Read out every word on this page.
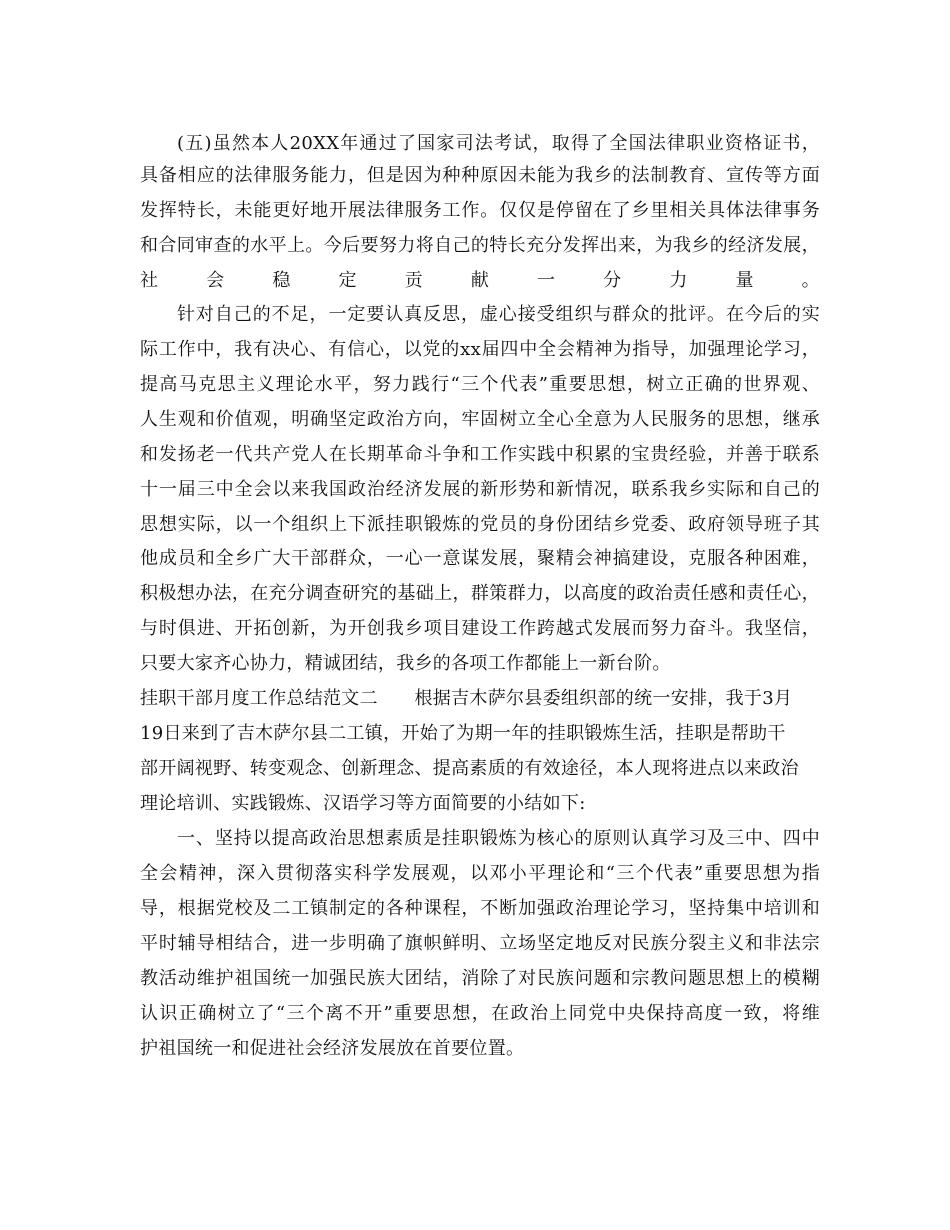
(五)虽然本人20XX年通过了国家司法考试，取得了全国法律职业资格证书，
具备相应的法律服务能力，但是因为种种原因未能为我乡的法制教育、宣传等方面
发挥特长，未能更好地开展法律服务工作。仅仅是停留在了乡里相关具体法律事务
和合同审查的水平上。今后要努力将自己的特长充分发挥出来，为我乡的经济发展，
社会稳定贡献一分力量。
针对自己的不足，一定要认真反思，虚心接受组织与群众的批评。在今后的实
际工作中，我有决心、有信心，以党的xx届四中全会精神为指导，加强理论学习，
提高马克思主义理论水平，努力践行“三个代表”重要思想，树立正确的世界观、
人生观和价值观，明确坚定政治方向，牢固树立全心全意为人民服务的思想，继承
和发扬老一代共产党人在长期革命斗争和工作实践中积累的宝贵经验，并善于联系
十一届三中全会以来我国政治经济发展的新形势和新情况，联系我乡实际和自己的
思想实际，以一个组织上下派挂职锻炼的党员的身份团结乡党委、政府领导班子其
他成员和全乡广大干部群众，一心一意谋发展，聚精会神搞建设，克服各种困难，
积极想办法，在充分调查研究的基础上，群策群力，以高度的政治责任感和责任心，
与时俱进、开拓创新，为开创我乡项目建设工作跨越式发展而努力奋斗。我坚信，
只要大家齐心协力，精诚团结，我乡的各项工作都能上一新台阶。
挂职干部月度工作总结范文二　　根据吉木萨尔县委组织部的统一安排，我于3月
19日来到了吉木萨尔县二工镇，开始了为期一年的挂职锻炼生活，挂职是帮助干
部开阔视野、转变观念、创新理念、提高素质的有效途径，本人现将进点以来政治
理论培训、实践锻炼、汉语学习等方面简要的小结如下:
一、坚持以提高政治思想素质是挂职锻炼为核心的原则认真学习及三中、四中
全会精神，深入贯彻落实科学发展观，以邓小平理论和“三个代表”重要思想为指
导，根据党校及二工镇制定的各种课程，不断加强政治理论学习，坚持集中培训和
平时辅导相结合，进一步明确了旗帜鲜明、立场坚定地反对民族分裂主义和非法宗
教活动维护祖国统一加强民族大团结，消除了对民族问题和宗教问题思想上的模糊
认识正确树立了“三个离不开”重要思想，在政治上同党中央保持高度一致，将维
护祖国统一和促进社会经济发展放在首要位置。
